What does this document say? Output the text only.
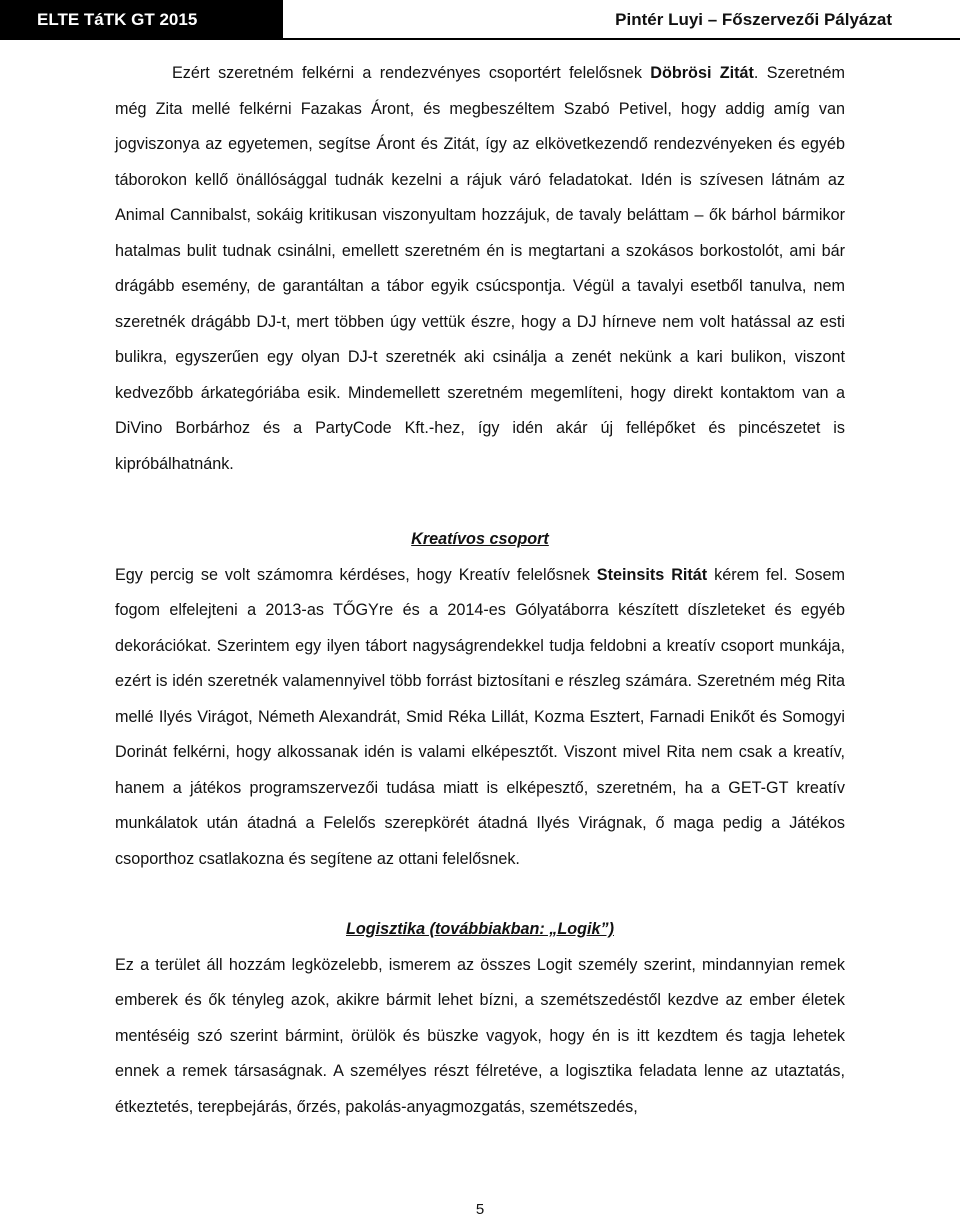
ELTE TáTK GT 2015	Pintér Luyi – Főszervezői Pályázat

Ezért szeretném felkérni a rendezvényes csoportért felelősnek Döbrösi Zitát. Szeretném még Zita mellé felkérni Fazakas Áront, és megbeszéltem Szabó Petivel, hogy addig amíg van jogviszonya az egyetemen, segítse Áront és Zitát, így az elkövetkezendő rendezvényeken és egyéb táborokon kellő önállósággal tudnák kezelni a rájuk váró feladatokat. Idén is szívesen látnám az Animal Cannibalst, sokáig kritikusan viszonyultam hozzájuk, de tavaly beláttam – ők bárhol bármikor hatalmas bulit tudnak csinálni, emellett szeretném én is megtartani a szokásos borkostolót, ami bár drágább esemény, de garantáltan a tábor egyik csúcspontja. Végül a tavalyi esetből tanulva, nem szeretnék drágább DJ-t, mert többen úgy vettük észre, hogy a DJ hírneve nem volt hatással az esti bulikra, egyszerűen egy olyan DJ-t szeretnék aki csinálja a zenét nekünk a kari bulikon, viszont kedvezőbb árkategóriába esik. Mindemellett szeretném megemlíteni, hogy direkt kontaktom van a DiVino Borbárhoz és a PartyCode Kft.-hez, így idén akár új fellépőket és pincészetet is kipróbálhatnánk.

Kreatívos csoport

Egy percig se volt számomra kérdéses, hogy Kreatív felelősnek Steinsits Ritát kérem fel. Sosem fogom elfelejteni a 2013-as TŐGYre és a 2014-es Gólyatáborra készített díszleteket és egyéb dekorációkat. Szerintem egy ilyen tábort nagyságrendekkel tudja feldobni a kreatív csoport munkája, ezért is idén szeretnék valamennyivel több forrást biztosítani e részleg számára. Szeretném még Rita mellé Ilyés Virágot, Németh Alexandrát, Smid Réka Lillát, Kozma Esztert, Farnadi Enikőt és Somogyi Dorinát felkérni, hogy alkossanak idén is valami elképesztőt. Viszont mivel Rita nem csak a kreatív, hanem a játékos programszervezői tudása miatt is elképesztő, szeretném, ha a GET-GT kreatív munkálatok után átadná a Felelős szerepkörét átadná Ilyés Virágnak, ő maga pedig a Játékos csoporthoz csatlakozna és segítene az ottani felelősnek.

Logisztika (továbbiakban: „Logik”)

Ez a terület áll hozzám legközelebb, ismerem az összes Logit személy szerint, mindannyian remek emberek és ők tényleg azok, akikre bármit lehet bízni, a szemétszedéstől kezdve az ember életek mentéséig szó szerint bármint, örülök és büszke vagyok, hogy én is itt kezdtem és tagja lehetek ennek a remek társaságnak. A személyes részt félretéve, a logisztika feladata lenne az utaztatás, étkeztetés, terepbejárás, őrzés, pakolás-anyagmozgatás, szemétszedés,

5
